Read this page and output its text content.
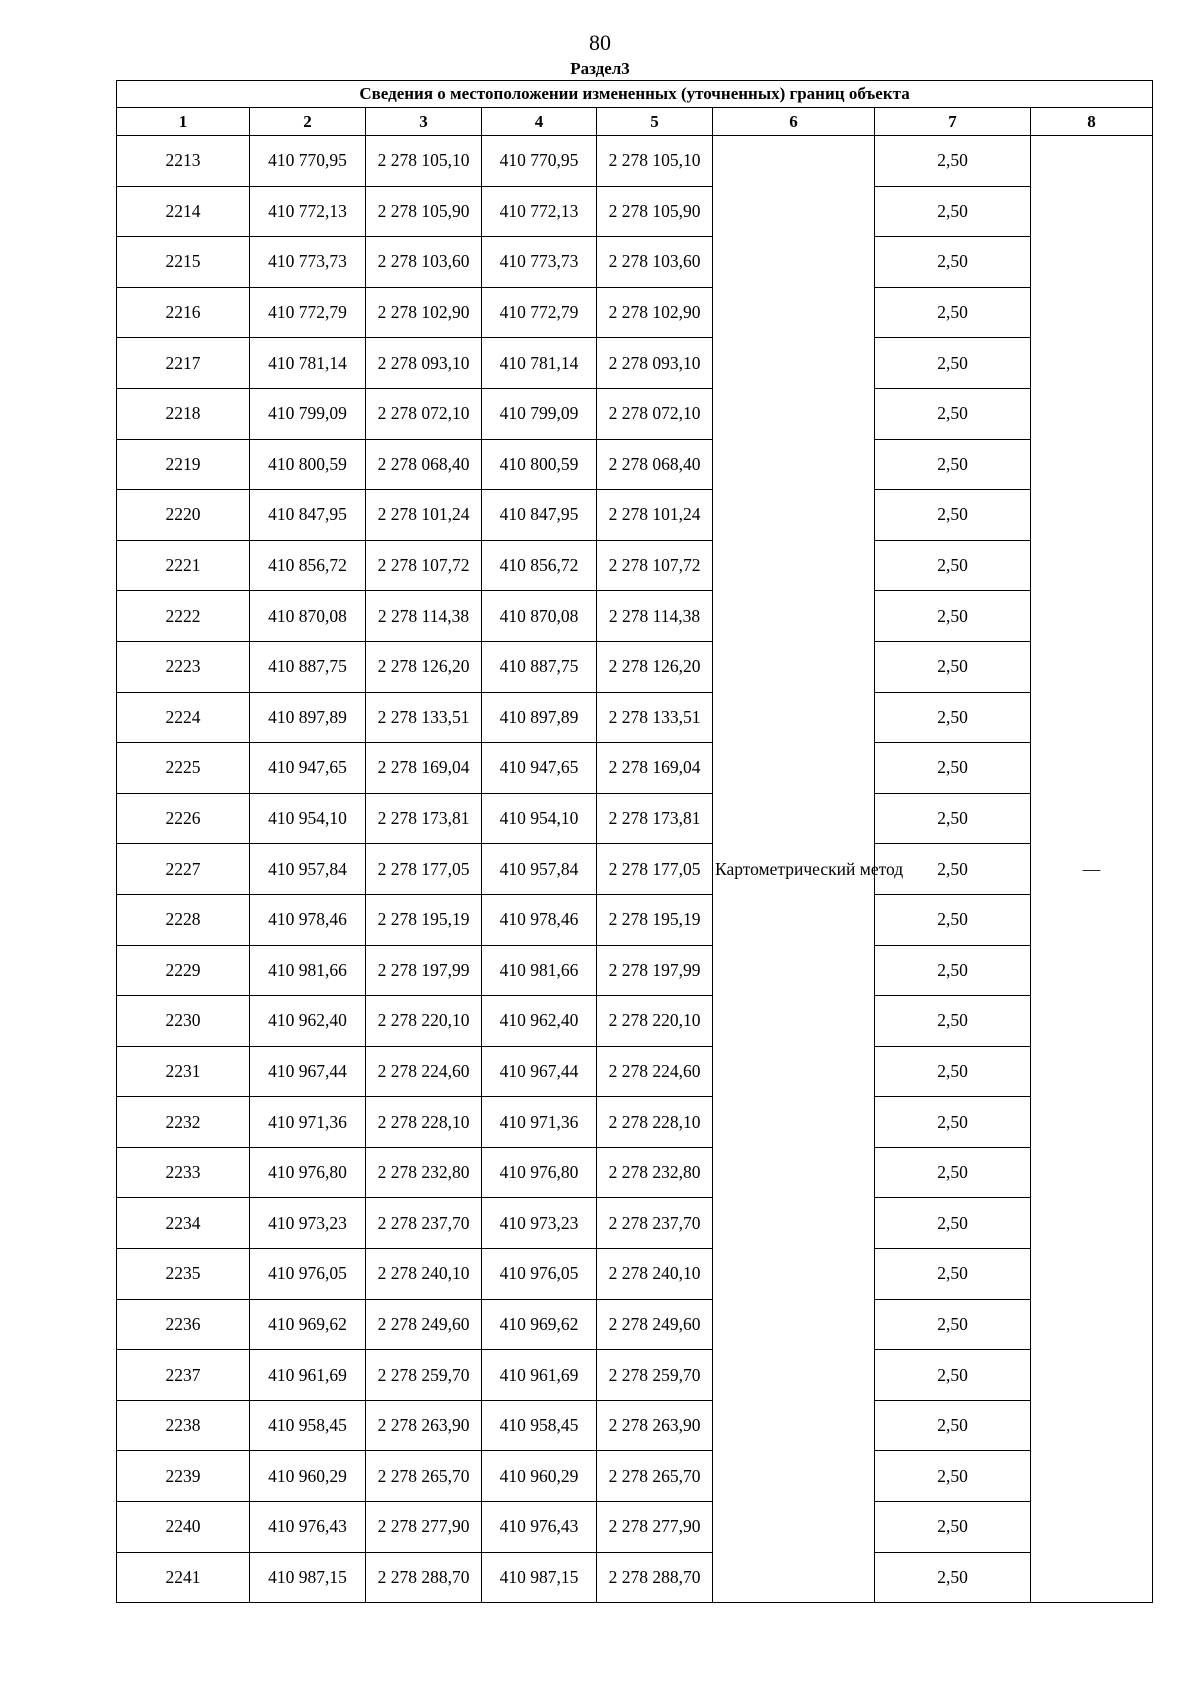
80
Раздел3
Сведения о местоположении измененных (уточненных) границ объекта							
1	2	3	4	5	6	7	8
2213	410 770,95	2 278 105,10	410 770,95	2 278 105,10	Картометрический метод	2,50	—
2214	410 772,13	2 278 105,90	410 772,13	2 278 105,90		2,50	
2215	410 773,73	2 278 103,60	410 773,73	2 278 103,60		2,50	
2216	410 772,79	2 278 102,90	410 772,79	2 278 102,90		2,50	
2217	410 781,14	2 278 093,10	410 781,14	2 278 093,10		2,50	
2218	410 799,09	2 278 072,10	410 799,09	2 278 072,10		2,50	
2219	410 800,59	2 278 068,40	410 800,59	2 278 068,40		2,50	
2220	410 847,95	2 278 101,24	410 847,95	2 278 101,24		2,50	
2221	410 856,72	2 278 107,72	410 856,72	2 278 107,72		2,50	
2222	410 870,08	2 278 114,38	410 870,08	2 278 114,38		2,50	
2223	410 887,75	2 278 126,20	410 887,75	2 278 126,20		2,50	
2224	410 897,89	2 278 133,51	410 897,89	2 278 133,51		2,50	
2225	410 947,65	2 278 169,04	410 947,65	2 278 169,04		2,50	
2226	410 954,10	2 278 173,81	410 954,10	2 278 173,81		2,50	
2227	410 957,84	2 278 177,05	410 957,84	2 278 177,05		2,50	
2228	410 978,46	2 278 195,19	410 978,46	2 278 195,19		2,50	
2229	410 981,66	2 278 197,99	410 981,66	2 278 197,99		2,50	
2230	410 962,40	2 278 220,10	410 962,40	2 278 220,10		2,50	
2231	410 967,44	2 278 224,60	410 967,44	2 278 224,60		2,50	
2232	410 971,36	2 278 228,10	410 971,36	2 278 228,10		2,50	
2233	410 976,80	2 278 232,80	410 976,80	2 278 232,80		2,50	
2234	410 973,23	2 278 237,70	410 973,23	2 278 237,70		2,50	
2235	410 976,05	2 278 240,10	410 976,05	2 278 240,10		2,50	
2236	410 969,62	2 278 249,60	410 969,62	2 278 249,60		2,50	
2237	410 961,69	2 278 259,70	410 961,69	2 278 259,70		2,50	
2238	410 958,45	2 278 263,90	410 958,45	2 278 263,90		2,50	
2239	410 960,29	2 278 265,70	410 960,29	2 278 265,70		2,50	
2240	410 976,43	2 278 277,90	410 976,43	2 278 277,90		2,50	
2241	410 987,15	2 278 288,70	410 987,15	2 278 288,70		2,50	
